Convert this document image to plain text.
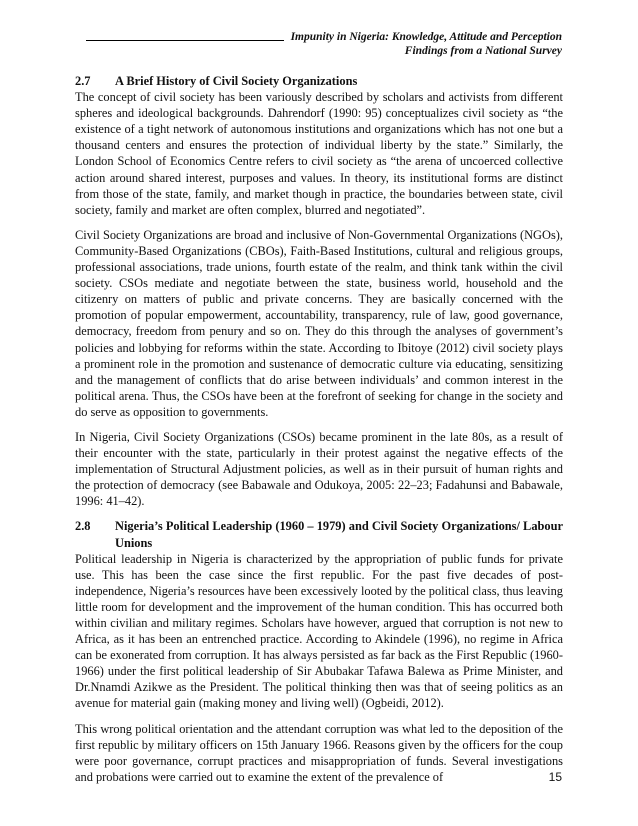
Impunity in Nigeria: Knowledge, Attitude and Perception
Findings from a National Survey
2.7	A Brief History of Civil Society Organizations

The concept of civil society has been variously described by scholars and activists from different spheres and ideological backgrounds. Dahrendorf (1990: 95) conceptualizes civil society as “the existence of a tight network of autonomous institutions and organizations which has not one but a thousand centers and ensures the protection of individual liberty by the state.” Similarly, the London School of Economics Centre refers to civil society as “the arena of uncoerced collective action around shared interest, purposes and values. In theory, its institutional forms are distinct from those of the state, family, and market though in practice, the boundaries between state, civil society, family and market are often complex, blurred and negotiated”.

Civil Society Organizations are broad and inclusive of Non-Governmental Organizations (NGOs), Community-Based Organizations (CBOs), Faith-Based Institutions, cultural and religious groups, professional associations, trade unions, fourth estate of the realm, and think tank within the civil society. CSOs mediate and negotiate between the state, business world, household and the citizenry on matters of public and private concerns. They are basically concerned with the promotion of popular empowerment, accountability, transparency, rule of law, good governance, democracy, freedom from penury and so on. They do this through the analyses of government’s policies and lobbying for reforms within the state. According to Ibitoye (2012) civil society plays a prominent role in the promotion and sustenance of democratic culture via educating, sensitizing and the management of conflicts that do arise between individuals’ and common interest in the political arena. Thus, the CSOs have been at the forefront of seeking for change in the society and do serve as opposition to governments.

In Nigeria, Civil Society Organizations (CSOs) became prominent in the late 80s, as a result of their encounter with the state, particularly in their protest against the negative effects of the implementation of Structural Adjustment policies, as well as in their pursuit of human rights and the protection of democracy (see Babawale and Odukoya, 2005: 22–23; Fadahunsi and Babawale, 1996: 41–42).

2.8	Nigeria’s Political Leadership (1960 – 1979) and Civil Society Organizations/ Labour Unions

Political leadership in Nigeria is characterized by the appropriation of public funds for private use. This has been the case since the first republic. For the past five decades of post-independence, Nigeria’s resources have been excessively looted by the political class, thus leaving little room for development and the improvement of the human condition. This has occurred both within civilian and military regimes. Scholars have however, argued that corruption is not new to Africa, as it has been an entrenched practice. According to Akindele (1996), no regime in Africa can be exonerated from corruption. It has always persisted as far back as the First Republic (1960-1966) under the first political leadership of Sir Abubakar Tafawa Balewa as Prime Minister, and Dr.Nnamdi Azikwe as the President. The political thinking then was that of seeing politics as an avenue for material gain (making money and living well) (Ogbeidi, 2012).

This wrong political orientation and the attendant corruption was what led to the deposition of the first republic by military officers on 15th January 1966. Reasons given by the officers for the coup were poor governance, corrupt practices and misappropriation of funds. Several investigations and probations were carried out to examine the extent of the prevalence of	15
